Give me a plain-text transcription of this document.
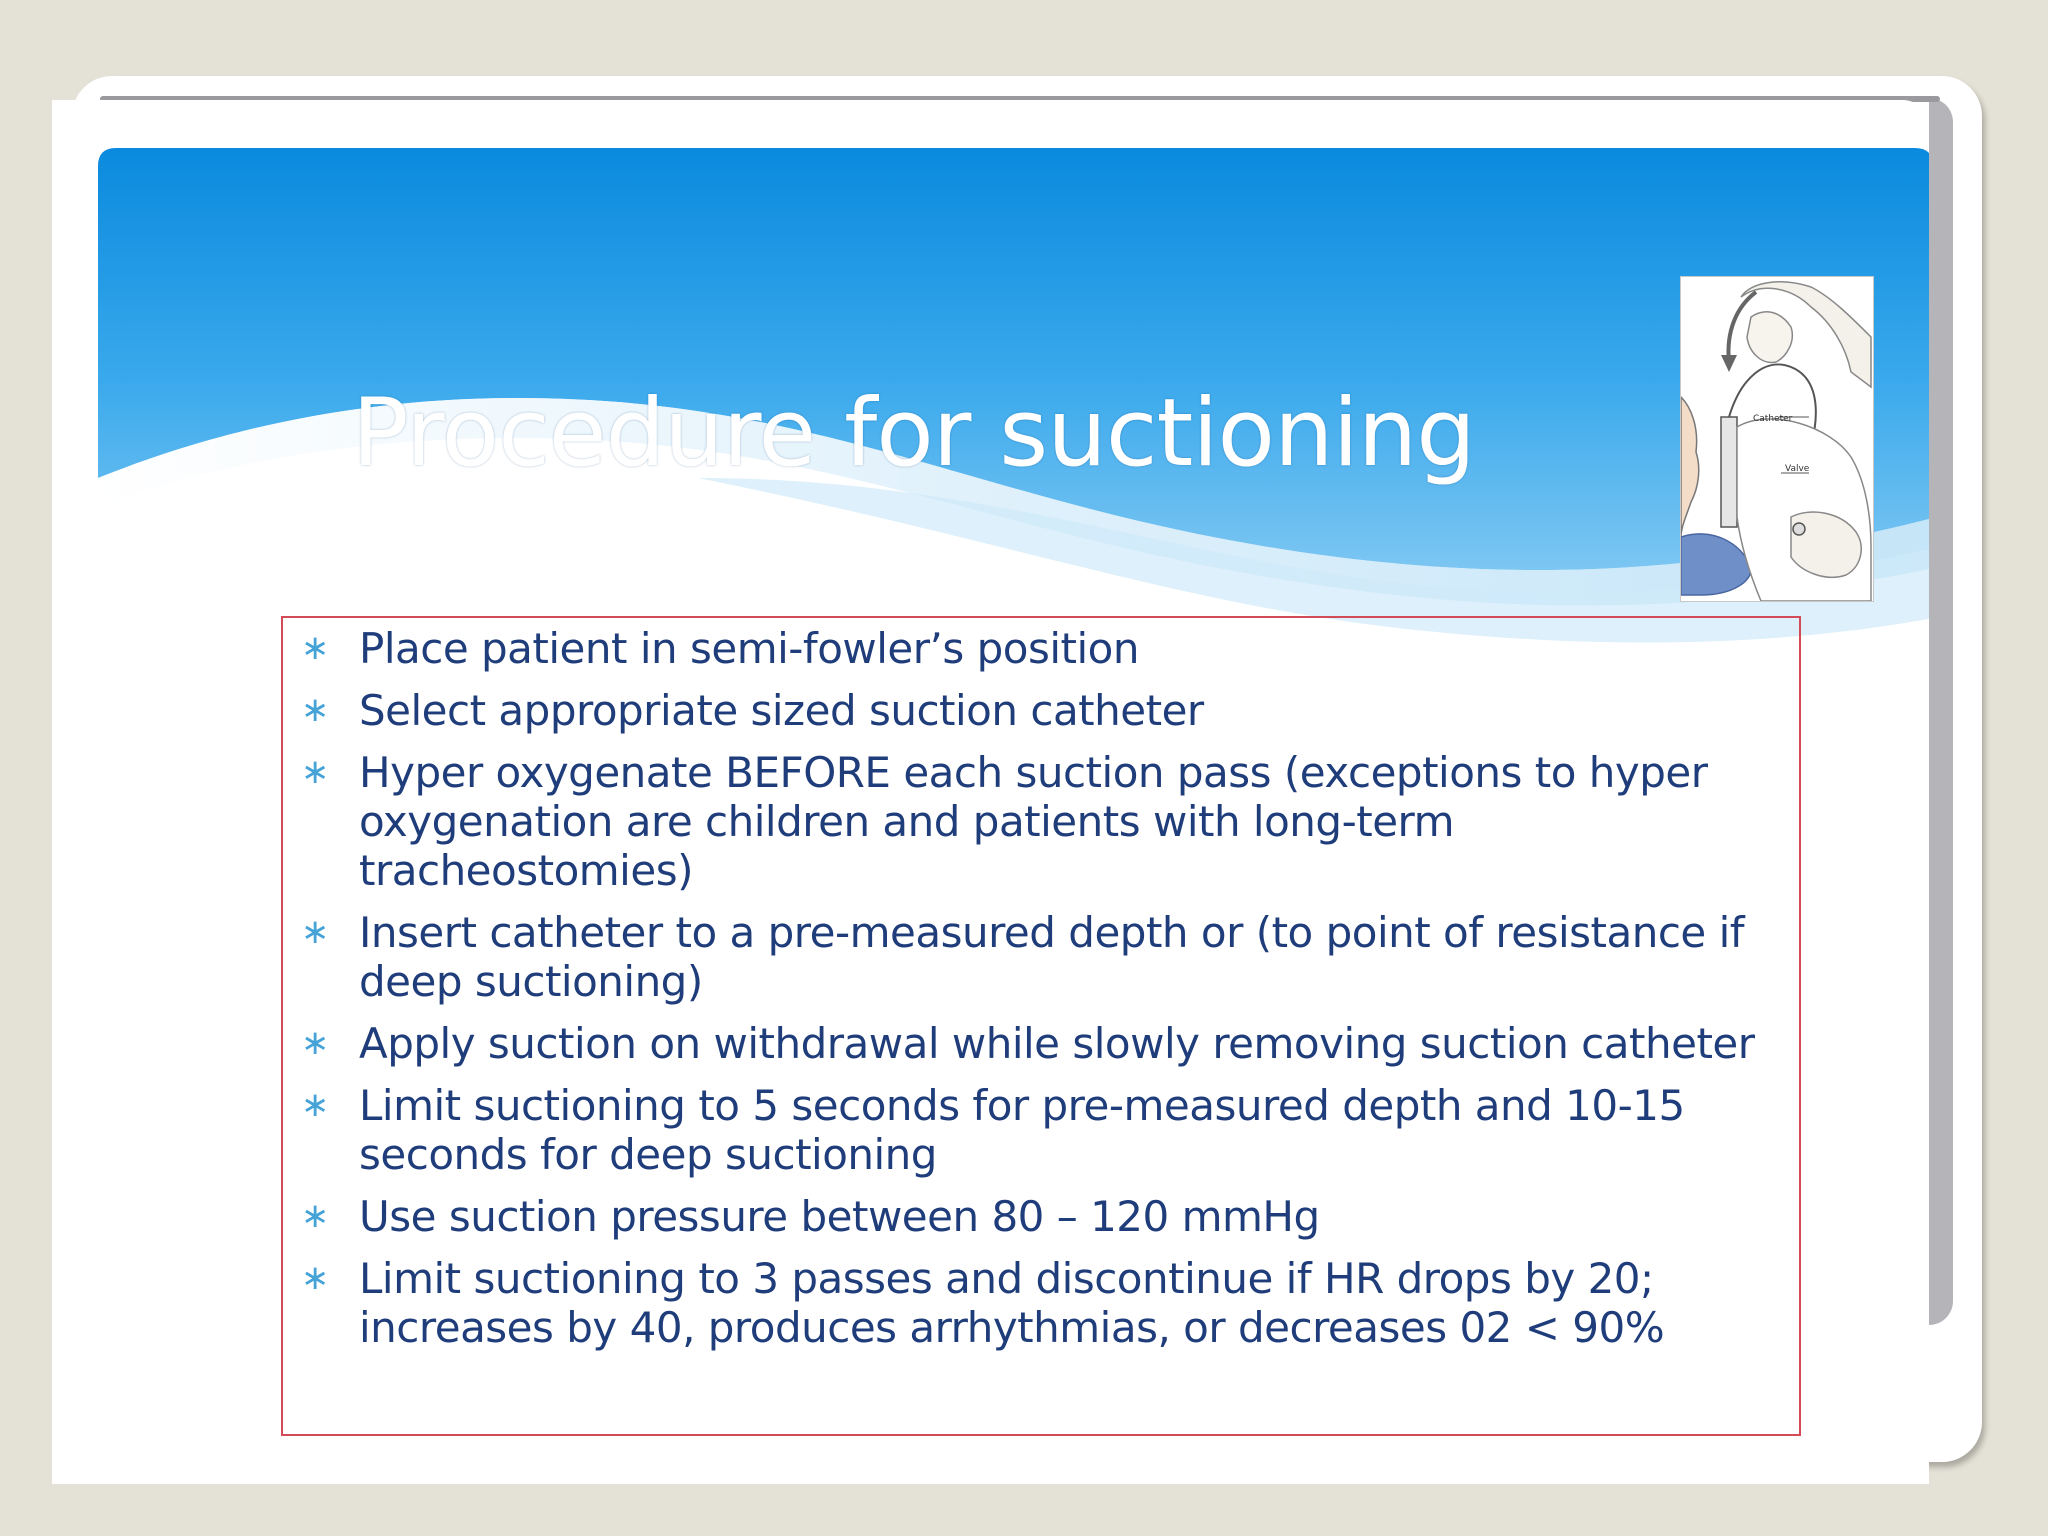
Procedure for suctioning	Catheter
Valve
∗ Place patient in semi-fowler’s position
∗ Select appropriate sized suction catheter
∗ Hyper oxygenate BEFORE each suction pass (exceptions to hyper oxygenation are children and patients with long-term tracheostomies)
∗ Insert catheter to a pre-measured depth or (to point of resistance if deep suctioning)
∗ Apply suction on withdrawal while slowly removing suction catheter
∗ Limit suctioning to 5 seconds for pre-measured depth and 10-15 seconds for deep suctioning
∗ Use suction pressure between 80 – 120 mmHg
∗ Limit suctioning to 3 passes and discontinue if HR drops by 20; increases by 40, produces arrhythmias, or decreases 02 < 90%
